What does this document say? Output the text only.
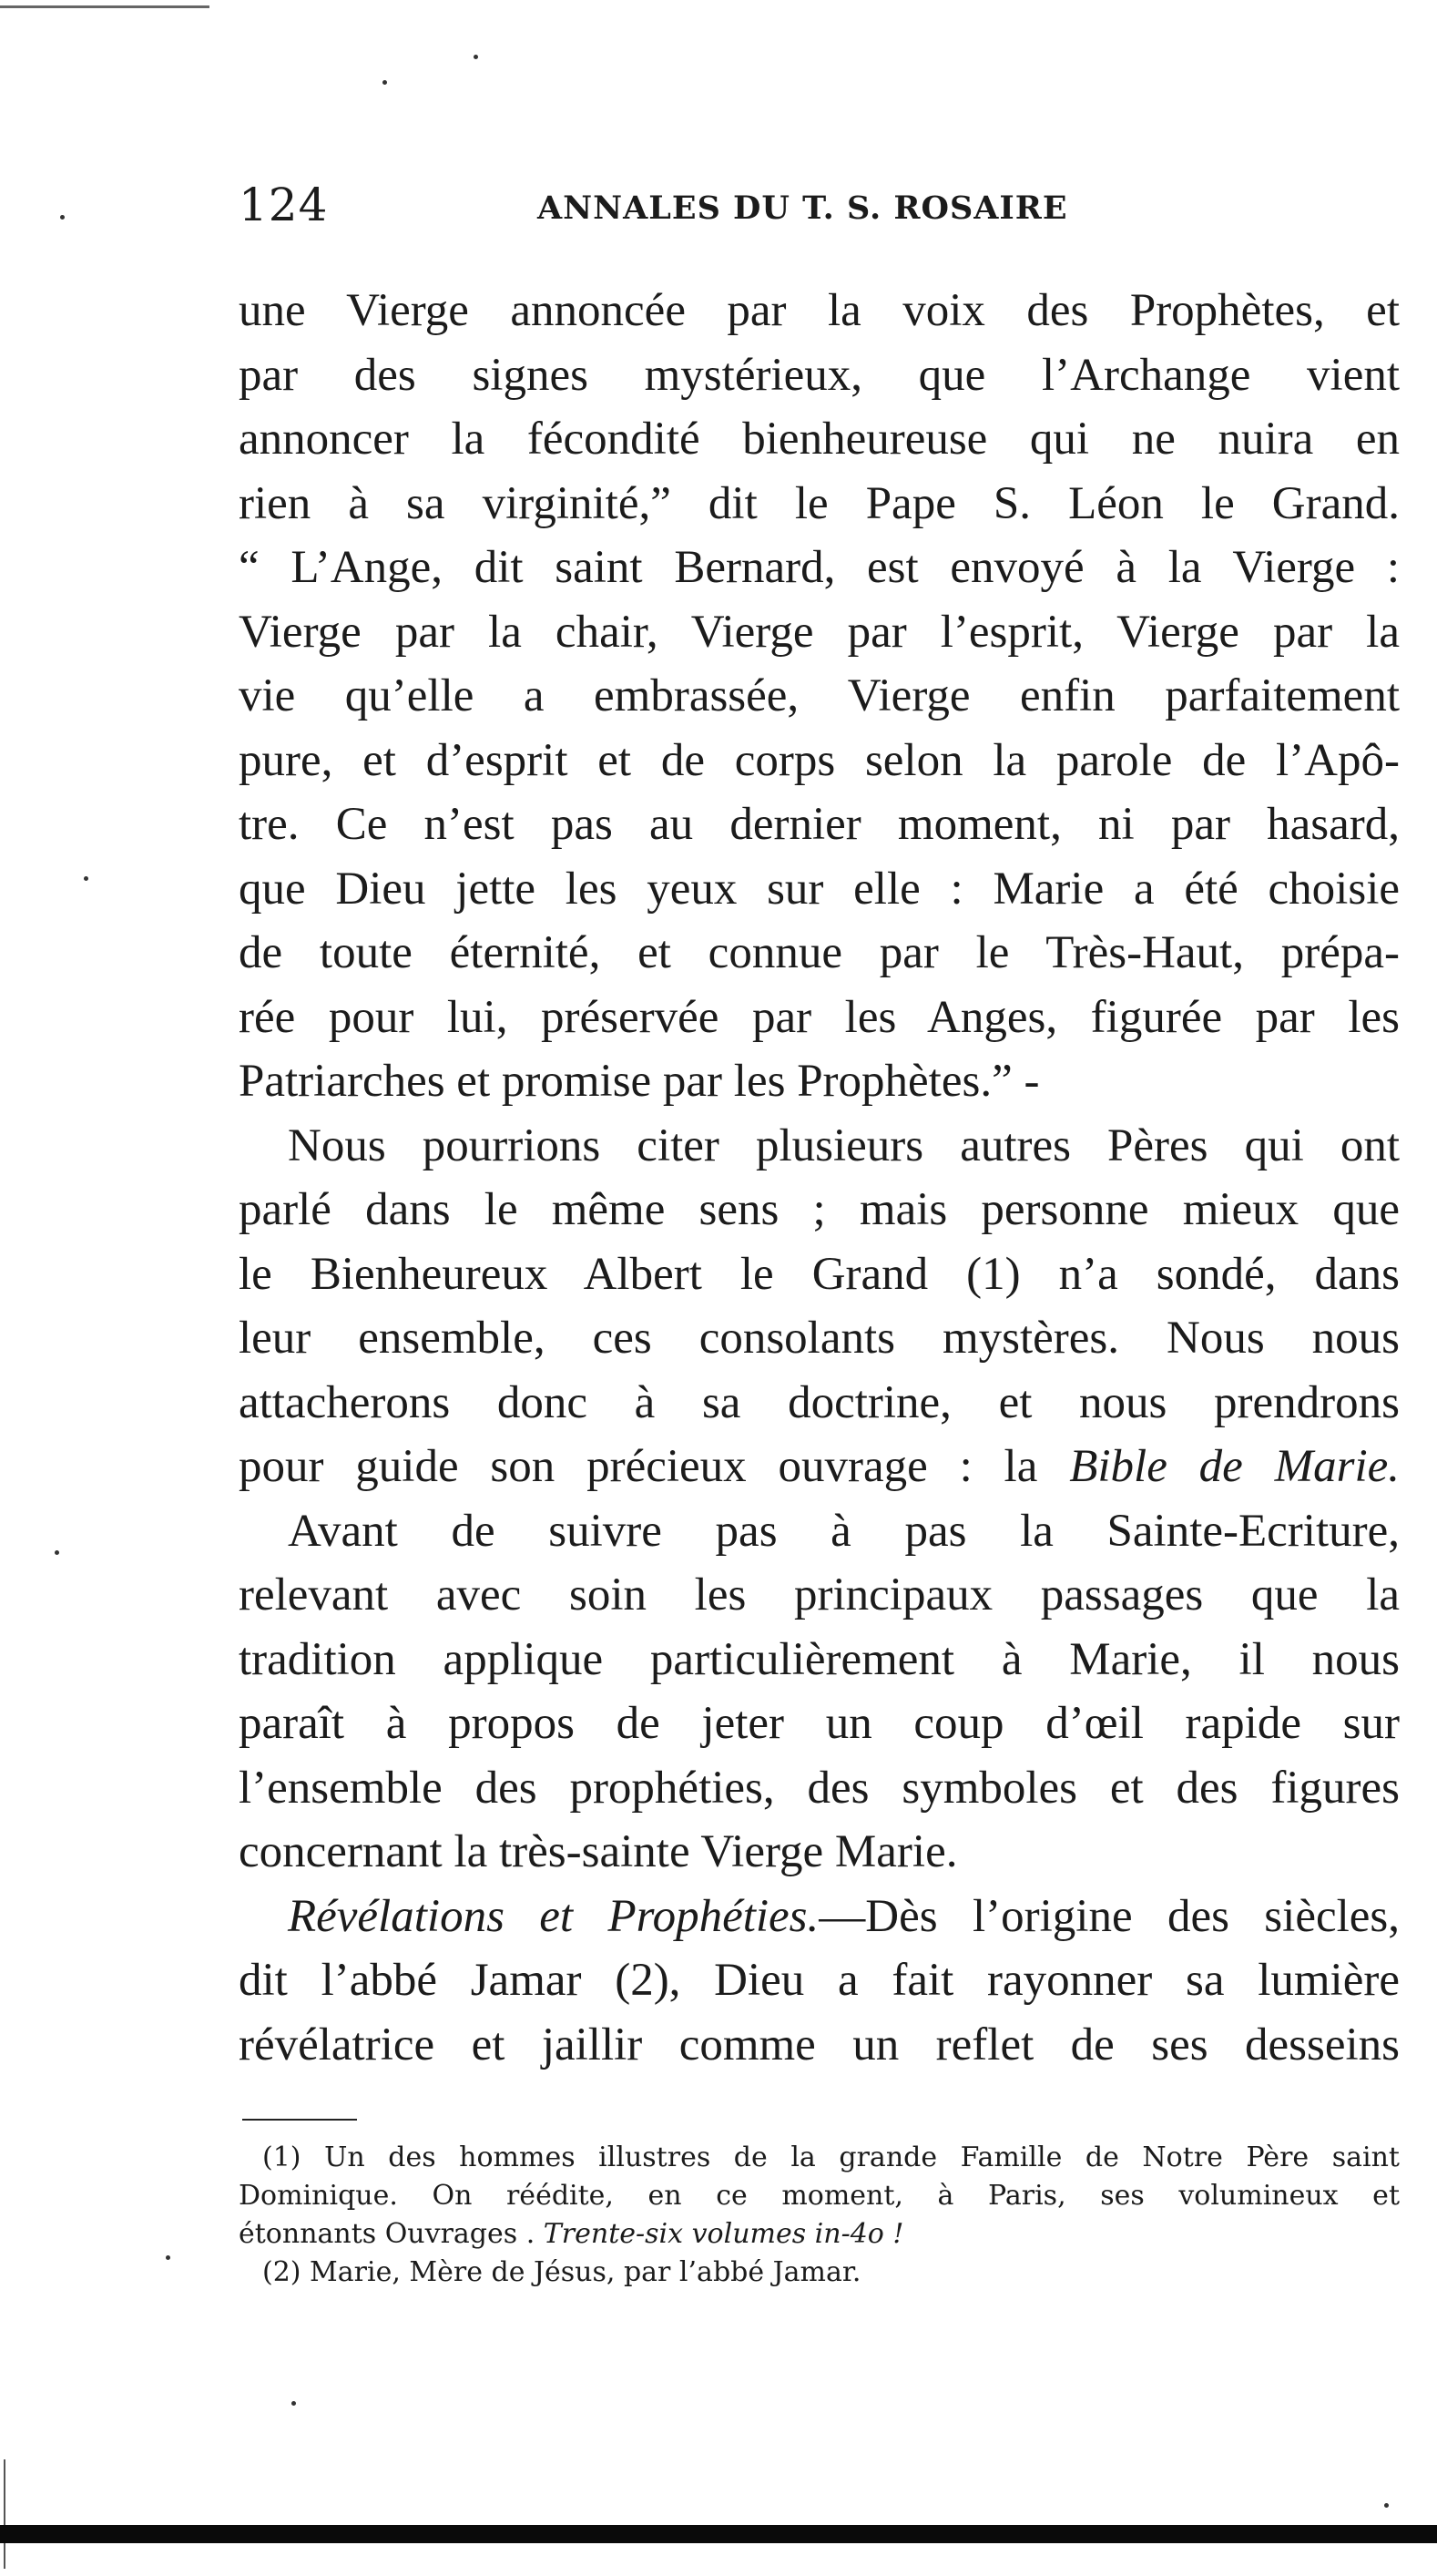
124	ANNALES DU T. S. ROSAIRE
une Vierge annoncée par la voix des Prophètes, et
par des signes mystérieux, que l’Archange vient
annoncer la fécondité bienheureuse qui ne nuira en
rien à sa virginité,” dit le Pape S. Léon le Grand.
“ L’Ange, dit saint Bernard, est envoyé à la Vierge :
Vierge par la chair, Vierge par l’esprit, Vierge par la
vie qu’elle a embrassée, Vierge enfin parfaitement
pure, et d’esprit et de corps selon la parole de l’Apô-
tre. Ce n’est pas au dernier moment, ni par hasard,
que Dieu jette les yeux sur elle : Marie a été choisie
de toute éternité, et connue par le Très-Haut, prépa-
rée pour lui, préservée par les Anges, figurée par les
Patriarches et promise par les Prophètes.” -
Nous pourrions citer plusieurs autres Pères qui ont
parlé dans le même sens ; mais personne mieux que
le Bienheureux Albert le Grand (1) n’a sondé, dans
leur ensemble, ces consolants mystères. Nous nous
attacherons donc à sa doctrine, et nous prendrons
pour guide son précieux ouvrage : la Bible de Marie.
Avant de suivre pas à pas la Sainte-Ecriture,
relevant avec soin les principaux passages que la
tradition applique particulièrement à Marie, il nous
paraît à propos de jeter un coup d’œil rapide sur
l’ensemble des prophéties, des symboles et des figures
concernant la très-sainte Vierge Marie.
Révélations et Prophéties.—Dès l’origine des siècles,
dit l’abbé Jamar (2), Dieu a fait rayonner sa lumière
révélatrice et jaillir comme un reflet de ses desseins
(1) Un des hommes illustres de la grande Famille de Notre Père saint
Dominique. On réédite, en ce moment, à Paris, ses volumineux et
étonnants Ouvrages . Trente-six volumes in-4o !
(2) Marie, Mère de Jésus, par l’abbé Jamar.
